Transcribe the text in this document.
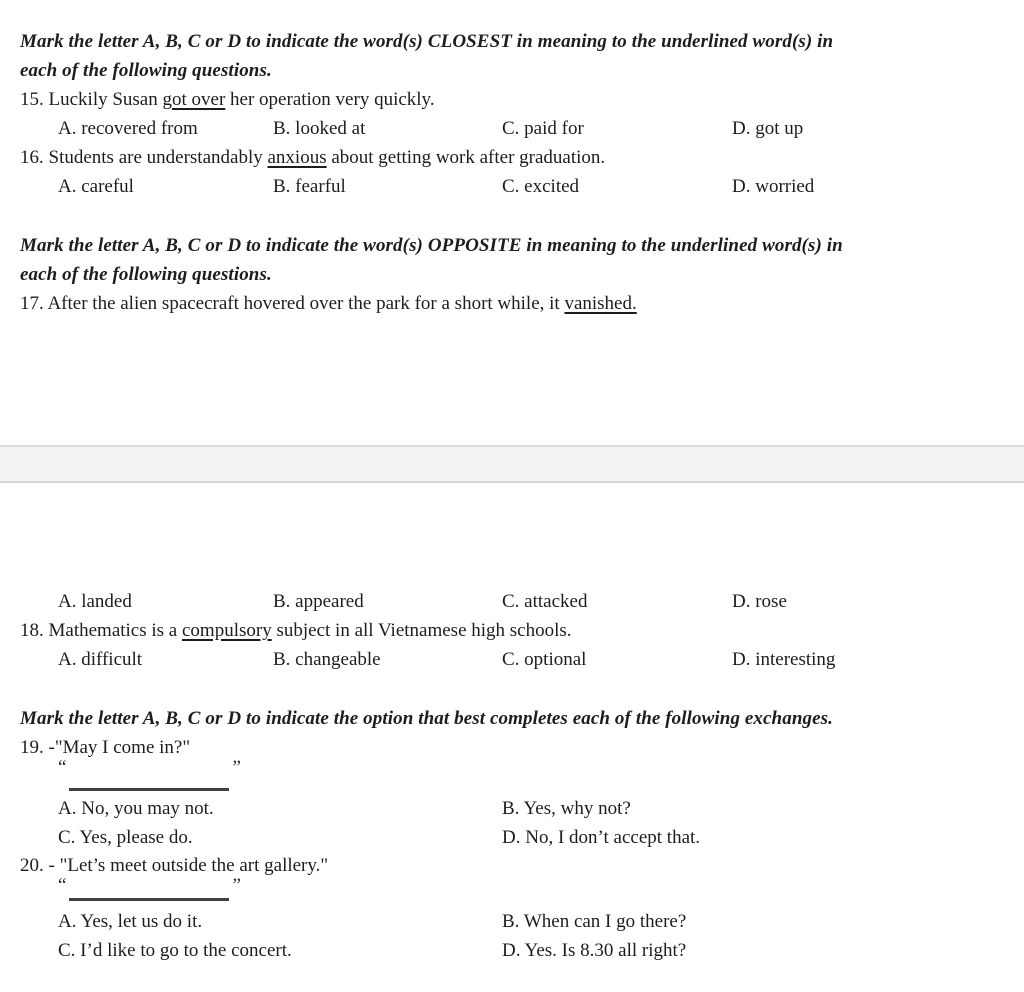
Mark the letter A, B, C or D to indicate the word(s) CLOSEST in meaning to the underlined word(s) in
each of the following questions.
15. Luckily Susan got over her operation very quickly.
A. recovered from	B. looked at	C. paid for	D. got up
16. Students are understandably anxious about getting work after graduation.
A. careful	B. fearful	C. excited	D. worried
Mark the letter A, B, C or D to indicate the word(s) OPPOSITE in meaning to the underlined word(s) in
each of the following questions.
17. After the alien spacecraft hovered over the park for a short while, it vanished.
A. landed	B. appeared	C. attacked	D. rose
18. Mathematics is a compulsory subject in all Vietnamese high schools.
A. difficult	B. changeable	C. optional	D. interesting
Mark the letter A, B, C or D to indicate the option that best completes each of the following exchanges.
19. -"May I come in?"
“	”
A. No, you may not.	B. Yes, why not?
C. Yes, please do.	D. No, I don’t accept that.
20. - "Let’s meet outside the art gallery."
“	”
A. Yes, let us do it.	B. When can I go there?
C. I’d like to go to the concert.	D. Yes. Is 8.30 all right?
